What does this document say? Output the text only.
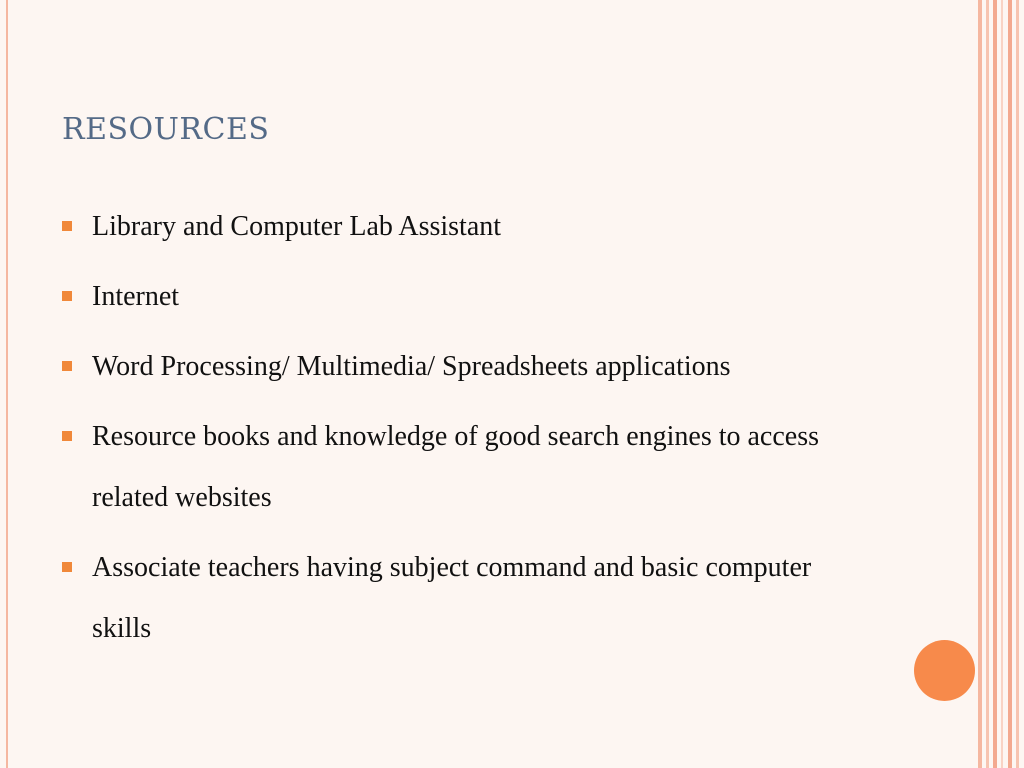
RESOURCES
Library and Computer Lab Assistant
Internet
Word Processing/ Multimedia/ Spreadsheets applications
Resource books and knowledge of good search engines to access related websites
Associate teachers having subject command and basic computer skills
